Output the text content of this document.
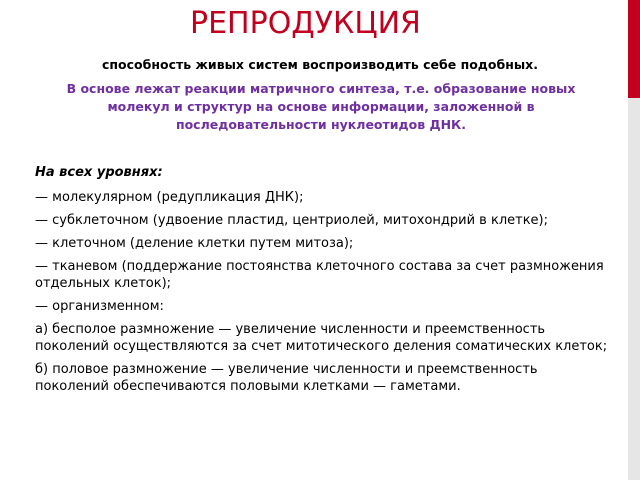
РЕПРОДУКЦИЯ

способность живых систем воспроизводить себе подобных.

В основе лежат реакции матричного синтеза, т.е. образование новых молекул и структур на основе информации, заложенной в последовательности нуклеотидов ДНК.

На всех уровнях:

— молекулярном (редупликация ДНК);

— субклеточном (удвоение пластид, центриолей, митохондрий в клетке);

— клеточном (деление клетки путем митоза);

— тканевом (поддержание постоянства клеточного состава за счет размножения отдельных клеток);

— организменном:

а) бесполое размножение — увеличение численности и преемственность поколений осуществляются за счет митотического деления соматических клеток;

б) половое размножение — увеличение численности и преемственность поколений обеспечиваются половыми клетками — гаметами.
